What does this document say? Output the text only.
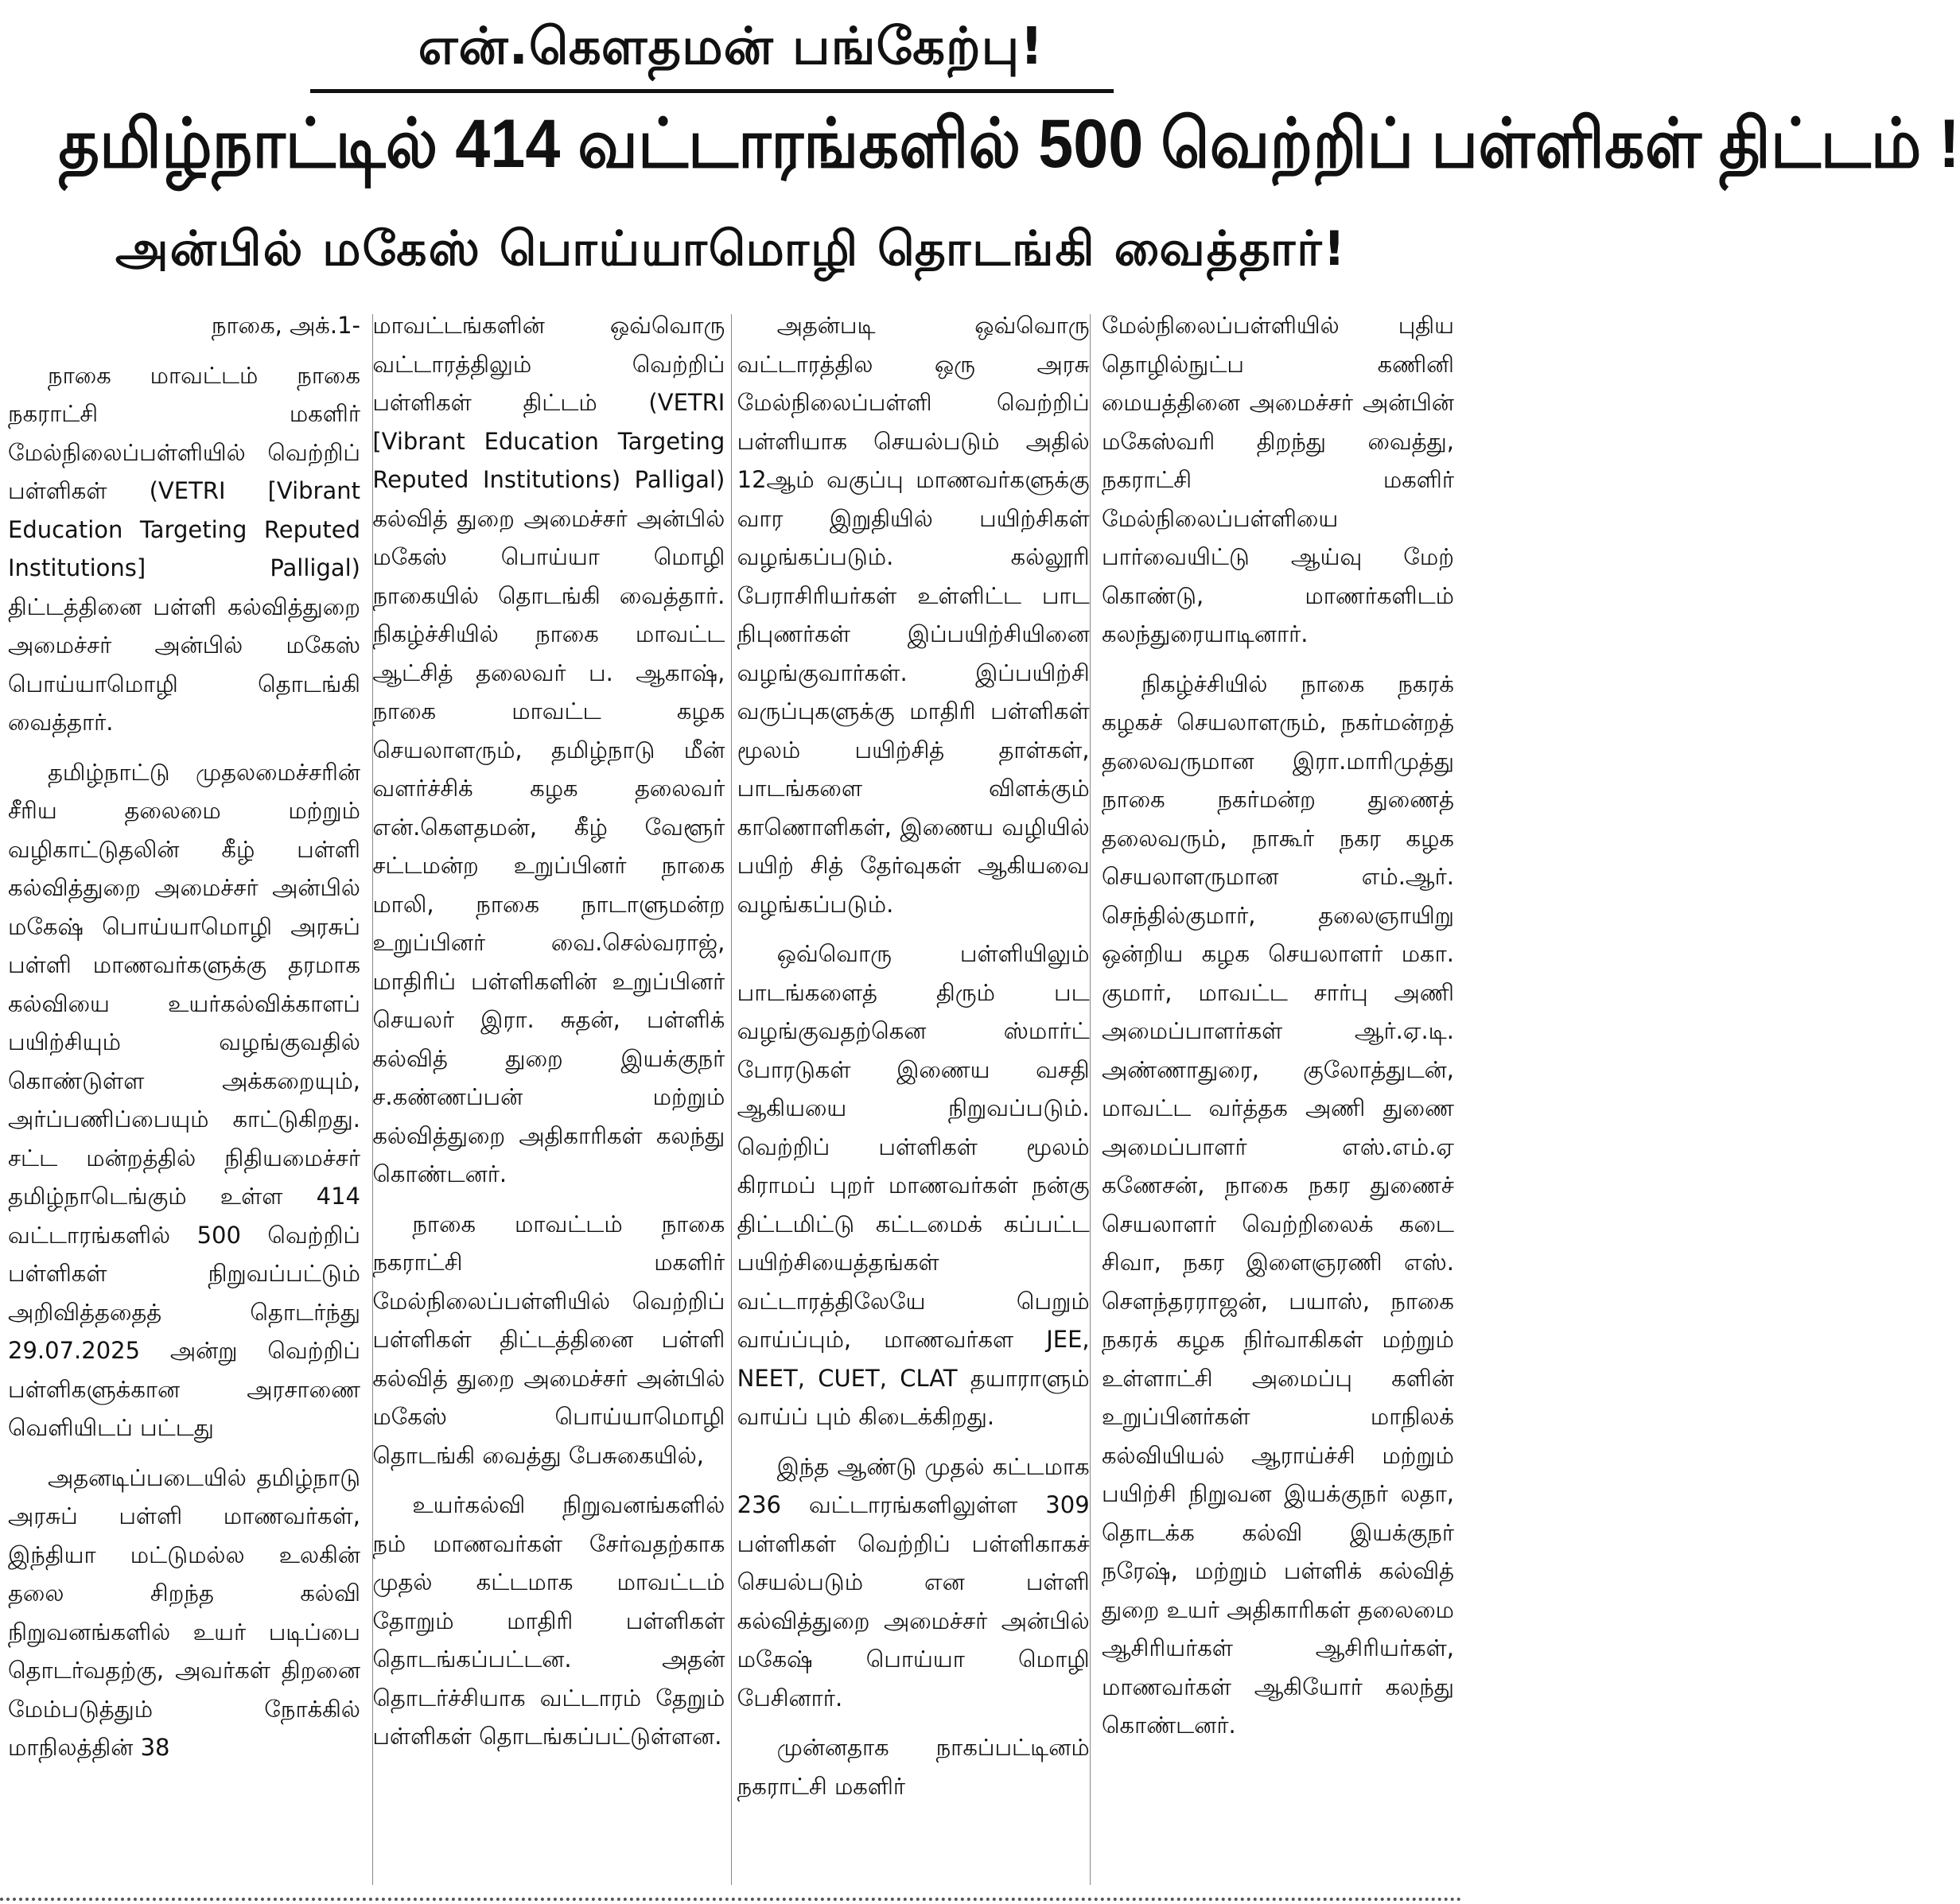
என்.கௌதமன் பங்கேற்பு!
தமிழ்நாட்டில் 414 வட்டாரங்களில் 500 வெற்றிப் பள்ளிகள் திட்டம் !
அன்பில் மகேஸ் பொய்யாமொழி தொடங்கி வைத்தார்!

நாகை, அக்.1-

நாகை மாவட்டம் நாகை நகராட்சி மகளிர் மேல்நிலைப்பள்ளியில் வெற்றிப் பள்ளிகள் (VETRI [Vibrant Education Targeting Reputed Institutions] Palligal) திட்டத்தினை பள்ளி கல்வித்துறை அமைச்சர் அன்பில் மகேஸ் பொய்யாமொழி தொடங்கி வைத்தார்.

தமிழ்நாட்டு முதலமைச்சரின் சீரிய தலைமை மற்றும் வழிகாட்டுதலின் கீழ் பள்ளி கல்வித்துறை அமைச்சர் அன்பில் மகேஷ் பொய்யாமொழி அரசுப் பள்ளி மாணவர்களுக்கு தரமாக கல்வியை உயர்கல்விக்காளப் பயிற்சியும் வழங்குவதில் கொண்டுள்ள அக்கறையும், அர்ப்பணிப்பையும் காட்டுகிறது. சட்ட மன்றத்தில் நிதியமைச்சர் தமிழ்நாடெங்கும் உள்ள 414 வட்டாரங்களில் 500 வெற்றிப் பள்ளிகள் நிறுவப்பட்டும் அறிவித்ததைத் தொடர்ந்து 29.07.2025 அன்று வெற்றிப் பள்ளிகளுக்கான அரசாணை வெளியிடப் பட்டது

அதனடிப்படையில் தமிழ்நாடு அரசுப் பள்ளி மாணவர்கள், இந்தியா மட்டுமல்ல உலகின் தலை சிறந்த கல்வி நிறுவனங்களில் உயர் படிப்பை தொடர்வதற்கு, அவர்கள் திறனை மேம்படுத்தும் நோக்கில் மாநிலத்தின் 38

மாவட்டங்களின் ஒவ்வொரு வட்டாரத்திலும் வெற்றிப் பள்ளிகள் திட்டம் (VETRI [Vibrant Education Targeting Reputed Institutions) Palligal) கல்வித் துறை அமைச்சர் அன்பில் மகேஸ் பொய்யா மொழி நாகையில் தொடங்கி வைத்தார். நிகழ்ச்சியில் நாகை மாவட்ட ஆட்சித் தலைவர் ப. ஆகாஷ், நாகை மாவட்ட கழக செயலாளரும், தமிழ்நாடு மீன் வளர்ச்சிக் கழக தலைவர் என்.கௌதமன், கீழ் வேளூர் சட்டமன்ற உறுப்பினர் நாகை மாலி, நாகை நாடாளுமன்ற உறுப்பினர் வை.செல்வராஜ், மாதிரிப் பள்ளிகளின் உறுப்பினர் செயலர் இரா. சுதன், பள்ளிக் கல்வித் துறை இயக்குநர் ச.கண்ணப்பன் மற்றும் கல்வித்துறை அதிகாரிகள் கலந்து கொண்டனர்.

நாகை மாவட்டம் நாகை நகராட்சி மகளிர் மேல்நிலைப்பள்ளியில் வெற்றிப் பள்ளிகள் திட்டத்தினை பள்ளி கல்வித் துறை அமைச்சர் அன்பில் மகேஸ் பொய்யாமொழி தொடங்கி வைத்து பேசுகையில்,

உயர்கல்வி நிறுவனங்களில் நம் மாணவர்கள் சேர்வதற்காக முதல் கட்டமாக மாவட்டம் தோறும் மாதிரி பள்ளிகள் தொடங்கப்பட்டன. அதன் தொடர்ச்சியாக வட்டாரம் தேறும் பள்ளிகள் தொடங்கப்பட்டுள்ளன.

அதன்படி ஒவ்வொரு வட்டாரத்தில ஒரு அரசு மேல்நிலைப்பள்ளி வெற்றிப் பள்ளியாக செயல்படும் அதில் 12ஆம் வகுப்பு மாணவர்களுக்கு வார இறுதியில் பயிற்சிகள் வழங்கப்படும். கல்லூரி பேராசிரியர்கள் உள்ளிட்ட பாட நிபுணர்கள் இப்பயிற்சியினை வழங்குவார்கள். இப்பயிற்சி வருப்புகளுக்கு மாதிரி பள்ளிகள் மூலம் பயிற்சித் தாள்கள், பாடங்களை விளக்கும் காணொளிகள், இணைய வழியில் பயிற் சித் தேர்வுகள் ஆகியவை வழங்கப்படும்.

ஒவ்வொரு பள்ளியிலும் பாடங்களைத் திரும் பட வழங்குவதற்கென ஸ்மார்ட் போரடுகள் இணைய வசதி ஆகியயை நிறுவப்படும். வெற்றிப் பள்ளிகள் மூலம் கிராமப் புறர் மாணவர்கள் நன்கு திட்டமிட்டு கட்டமைக் கப்பட்ட பயிற்சியைத்தங்கள் வட்டாரத்திலேயே பெறும் வாய்ப்பும், மாணவர்கள JEE, NEET, CUET, CLAT தயாராளும் வாய்ப் பும் கிடைக்கிறது.

இந்த ஆண்டு முதல் கட்டமாக 236 வட்டாரங்களிலுள்ள 309 பள்ளிகள் வெற்றிப் பள்ளிகாகச் செயல்படும் என பள்ளி கல்வித்துறை அமைச்சர் அன்பில் மகேஷ் பொய்யா மொழி பேசினார்.

முன்னதாக நாகப்பட்டினம் நகராட்சி மகளிர்

மேல்நிலைப்பள்ளியில் புதிய தொழில்நுட்ப கணினி மையத்தினை அமைச்சர் அன்பின் மகேஸ்வரி திறந்து வைத்து, நகராட்சி மகளிர் மேல்நிலைப்பள்ளியை பார்வையிட்டு ஆய்வு மேற் கொண்டு, மாணர்களிடம் கலந்துரையாடினார்.

நிகழ்ச்சியில் நாகை நகரக் கழகச் செயலாளரும், நகர்மன்றத் தலைவருமான இரா.மாரிமுத்து நாகை நகர்மன்ற துணைத் தலைவரும், நாகூர் நகர கழக செயலாளருமான எம்.ஆர். செந்தில்குமார், தலைஞாயிறு ஒன்றிய கழக செயலாளர் மகா. குமார், மாவட்ட சார்பு அணி அமைப்பாளர்கள் ஆர்.ஏ.டி. அண்ணாதுரை, குலோத்துடன், மாவட்ட வர்த்தக அணி துணை அமைப்பாளர் எஸ்.எம்.ஏ கணேசன், நாகை நகர துணைச் செயலாளர் வெற்றிலைக் கடை சிவா, நகர இளைஞரணி எஸ். சௌந்தரராஜன், பயாஸ், நாகை நகரக் கழக நிர்வாகிகள் மற்றும் உள்ளாட்சி அமைப்பு களின் உறுப்பினர்கள் மாநிலக் கல்வியியல் ஆராய்ச்சி மற்றும் பயிற்சி நிறுவன இயக்குநர் லதா, தொடக்க கல்வி இயக்குநர் நரேஷ், மற்றும் பள்ளிக் கல்வித் துறை உயர் அதிகாரிகள் தலைமை ஆசிரியர்கள் ஆசிரியர்கள், மாணவர்கள் ஆகியோர் கலந்து கொண்டனர்.
